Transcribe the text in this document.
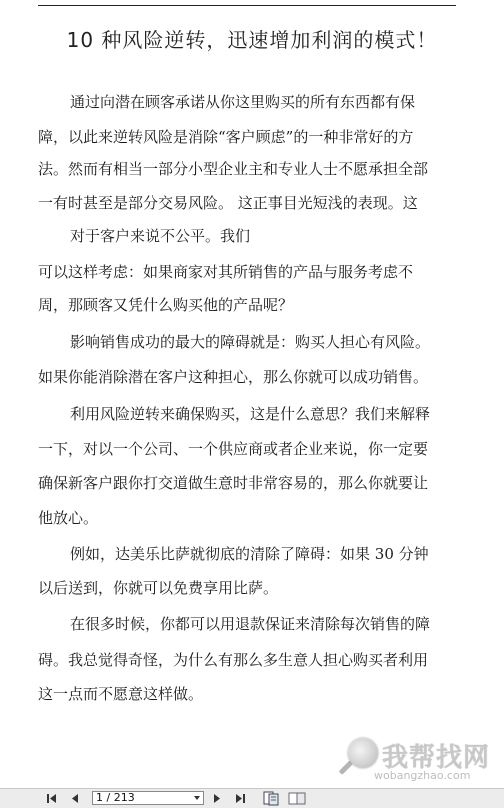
10 种风险逆转，迅速增加利润的模式！
通过向潜在顾客承诺从你这里购买的所有东西都有保
障，以此来逆转风险是消除“客户顾虑”的一种非常好的方
法。然而有相当一部分小型企业主和专业人士不愿承担全部
一有时甚至是部分交易风险。 这正事目光短浅的表现。这
对于客户来说不公平。我们
可以这样考虑：如果商家对其所销售的产品与服务考虑不
周，那顾客又凭什么购买他的产品呢？
影响销售成功的最大的障碍就是：购买人担心有风险。
如果你能消除潜在客户这种担心，那么你就可以成功销售。
利用风险逆转来确保购买，这是什么意思？我们来解释
一下，对以一个公司、一个供应商或者企业来说，你一定要
确保新客户跟你打交道做生意时非常容易的，那么你就要让
他放心。
例如，达美乐比萨就彻底的清除了障碍：如果 30 分钟
以后送到，你就可以免费享用比萨。
在很多时候，你都可以用退款保证来清除每次销售的障
碍。我总觉得奇怪，为什么有那么多生意人担心购买者利用
这一点而不愿意这样做。
我帮找网
wobangzhao.com
1 / 213
